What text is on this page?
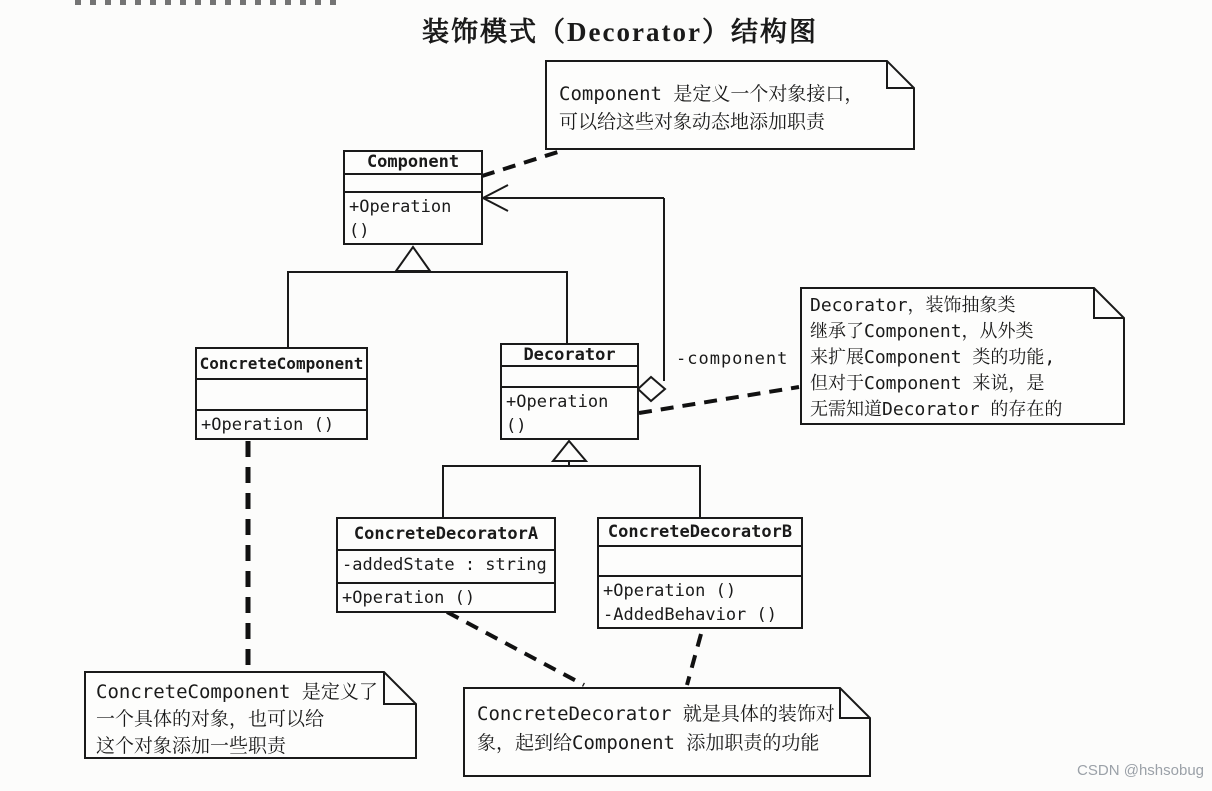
装饰模式（Decorator）结构图
Component
+Operation ()
ConcreteComponent
+Operation ()
Decorator
+Operation ()
ConcreteDecoratorA
-addedState : string
+Operation ()
ConcreteDecoratorB
+Operation ()
-AddedBehavior ()
-component
Component 是定义一个对象接口，
可以给这些对象动态地添加职责
Decorator，装饰抽象类
继承了Component，从外类
来扩展Component 类的功能,
但对于Component 来说，是
无需知道Decorator 的存在的
ConcreteComponent 是定义了
一个具体的对象，也可以给
这个对象添加一些职责
ConcreteDecorator 就是具体的装饰对
象，起到给Component 添加职责的功能
CSDN @hshsobug
